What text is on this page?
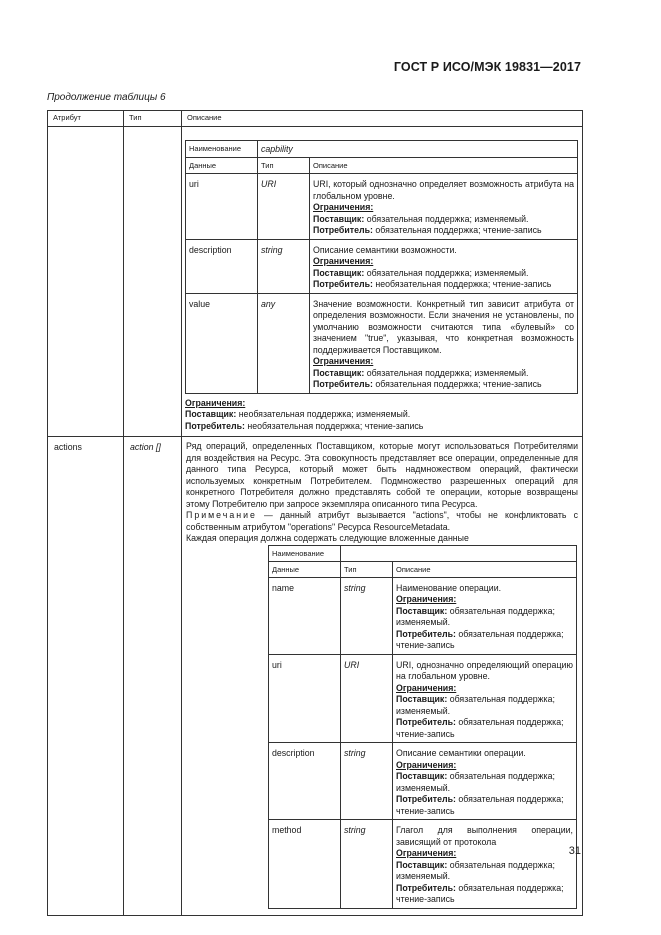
ГОСТ Р ИСО/МЭК 19831—2017
Продолжение таблицы 6
Атрибут	Тип	Описание

Наименование	capbility
Данные	Тип	Описание
uri	URI	URI, который однозначно определяет возможность атрибута на глобальном уровне.
Ограничения:
Поставщик: обязательная поддержка; изменяемый.
Потребитель: обязательная поддержка; чтение-запись

description	string	Описание семантики возможности.
Ограничения:
Поставщик: обязательная поддержка; изменяемый.
Потребитель: необязательная поддержка; чтение-запись

value	any	Значение возможности. Конкретный тип зависит атрибута от определения возможности. Если значения не установлены, по умолчанию возможности считаются типа «булевый» со значением "true", указывая, что конкретная возможность поддерживается Поставщиком.
Ограничения:
Поставщик: обязательная поддержка; изменяемый.
Потребитель: обязательная поддержка; чтение-запись
Ограничения:
Поставщик: необязательная поддержка; изменяемый.
Потребитель: необязательная поддержка; чтение-запись

actions	action []	Ряд операций, определенных Поставщиком, которые могут использоваться Потребителями для воздействия на Ресурс. Эта совокупность представляет все операции, определенные для данного типа Ресурса, который может быть надмножеством операций, фактически используемых конкретным Потребителем. Подмножество разрешенных операций для конкретного Потребителя должно представлять собой те операции, которые возвращены этому Потребителю при запросе экземпляра описанного типа Ресурса.

Примечание — данный атрибут вызывается "actions", чтобы не конфликтовать с собственным атрибутом "operations" Ресурса ResourceMetadata.

Каждая операция должна содержать следующие вложенные данные

Наименование	
Данные	Тип	Описание
name	string	Наименование операции.
Ограничения:
Поставщик: обязательная поддержка; изменяемый.
Потребитель: обязательная поддержка; чтение-запись

uri	URI	URI, однозначно определяющий операцию на глобальном уровне.
Ограничения:
Поставщик: обязательная поддержка; изменяемый.
Потребитель: обязательная поддержка; чтение-запись

description	string	Описание семантики операции.
Ограничения:
Поставщик: обязательная поддержка; изменяемый.
Потребитель: обязательная поддержка; чтение-запись

method	string	Глагол для выполнения операции, зависящий от протокола
Ограничения:
Поставщик: обязательная поддержка; изменяемый.
Потребитель: обязательная поддержка; чтение-запись
31
